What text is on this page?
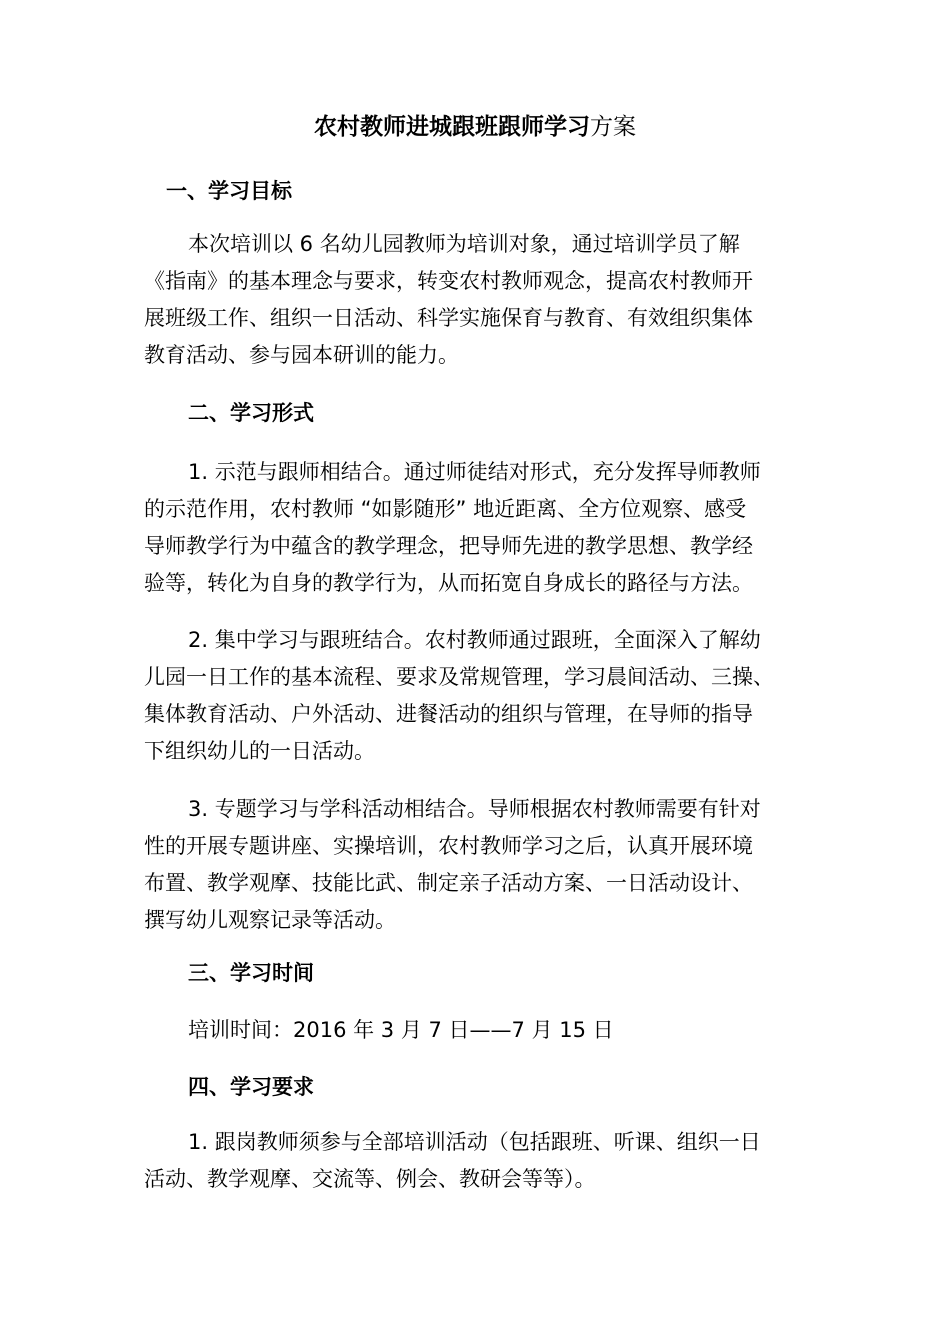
农村教师进城跟班跟师学习方案
一、学习目标
本次培训以 6 名幼儿园教师为培训对象，通过培训学员了解
《指南》的基本理念与要求，转变农村教师观念，提高农村教师开
展班级工作、组织一日活动、科学实施保育与教育、有效组织集体
教育活动、参与园本研训的能力。
二、学习形式
1. 示范与跟师相结合。通过师徒结对形式，充分发挥导师教师
的示范作用，农村教师 “如影随形” 地近距离、全方位观察、感受
导师教学行为中蕴含的教学理念，把导师先进的教学思想、教学经
验等，转化为自身的教学行为，从而拓宽自身成长的路径与方法。
2. 集中学习与跟班结合。农村教师通过跟班，全面深入了解幼
儿园一日工作的基本流程、要求及常规管理，学习晨间活动、三操、
集体教育活动、户外活动、进餐活动的组织与管理，在导师的指导
下组织幼儿的一日活动。
3. 专题学习与学科活动相结合。导师根据农村教师需要有针对
性的开展专题讲座、实操培训，农村教师学习之后，认真开展环境
布置、教学观摩、技能比武、制定亲子活动方案、一日活动设计、
撰写幼儿观察记录等活动。
三、学习时间
培训时间：2016 年 3 月 7 日——7 月 15 日
四、学习要求
1. 跟岗教师须参与全部培训活动（包括跟班、听课、组织一日
活动、教学观摩、交流等、例会、教研会等等）。
